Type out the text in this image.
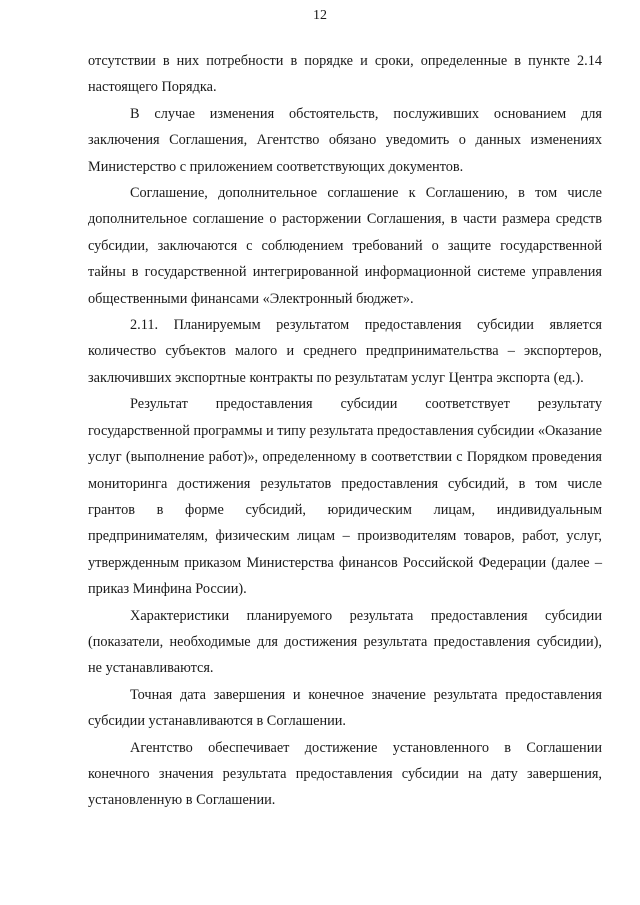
12

отсутствии в них потребности в порядке и сроки, определенные в пункте 2.14 настоящего Порядка.

В случае изменения обстоятельств, послуживших основанием для заключения Соглашения, Агентство обязано уведомить о данных изменениях Министерство с приложением соответствующих документов.

Соглашение, дополнительное соглашение к Соглашению, в том числе дополнительное соглашение о расторжении Соглашения, в части размера средств субсидии, заключаются с соблюдением требований о защите государственной тайны в государственной интегрированной информационной системе управления общественными финансами «Электронный бюджет».

2.11. Планируемым результатом предоставления субсидии является количество субъектов малого и среднего предпринимательства – экспортеров, заключивших экспортные контракты по результатам услуг Центра экспорта (ед.).

Результат предоставления субсидии соответствует результату государственной программы и типу результата предоставления субсидии «Оказание услуг (выполнение работ)», определенному в соответствии с Порядком проведения мониторинга достижения результатов предоставления субсидий, в том числе грантов в форме субсидий, юридическим лицам, индивидуальным предпринимателям, физическим лицам – производителям товаров, работ, услуг, утвержденным приказом Министерства финансов Российской Федерации (далее – приказ Минфина России).

Характеристики планируемого результата предоставления субсидии (показатели, необходимые для достижения результата предоставления субсидии), не устанавливаются.

Точная дата завершения и конечное значение результата предоставления субсидии устанавливаются в Соглашении.

Агентство обеспечивает достижение установленного в Соглашении конечного значения результата предоставления субсидии на дату завершения, установленную в Соглашении.
